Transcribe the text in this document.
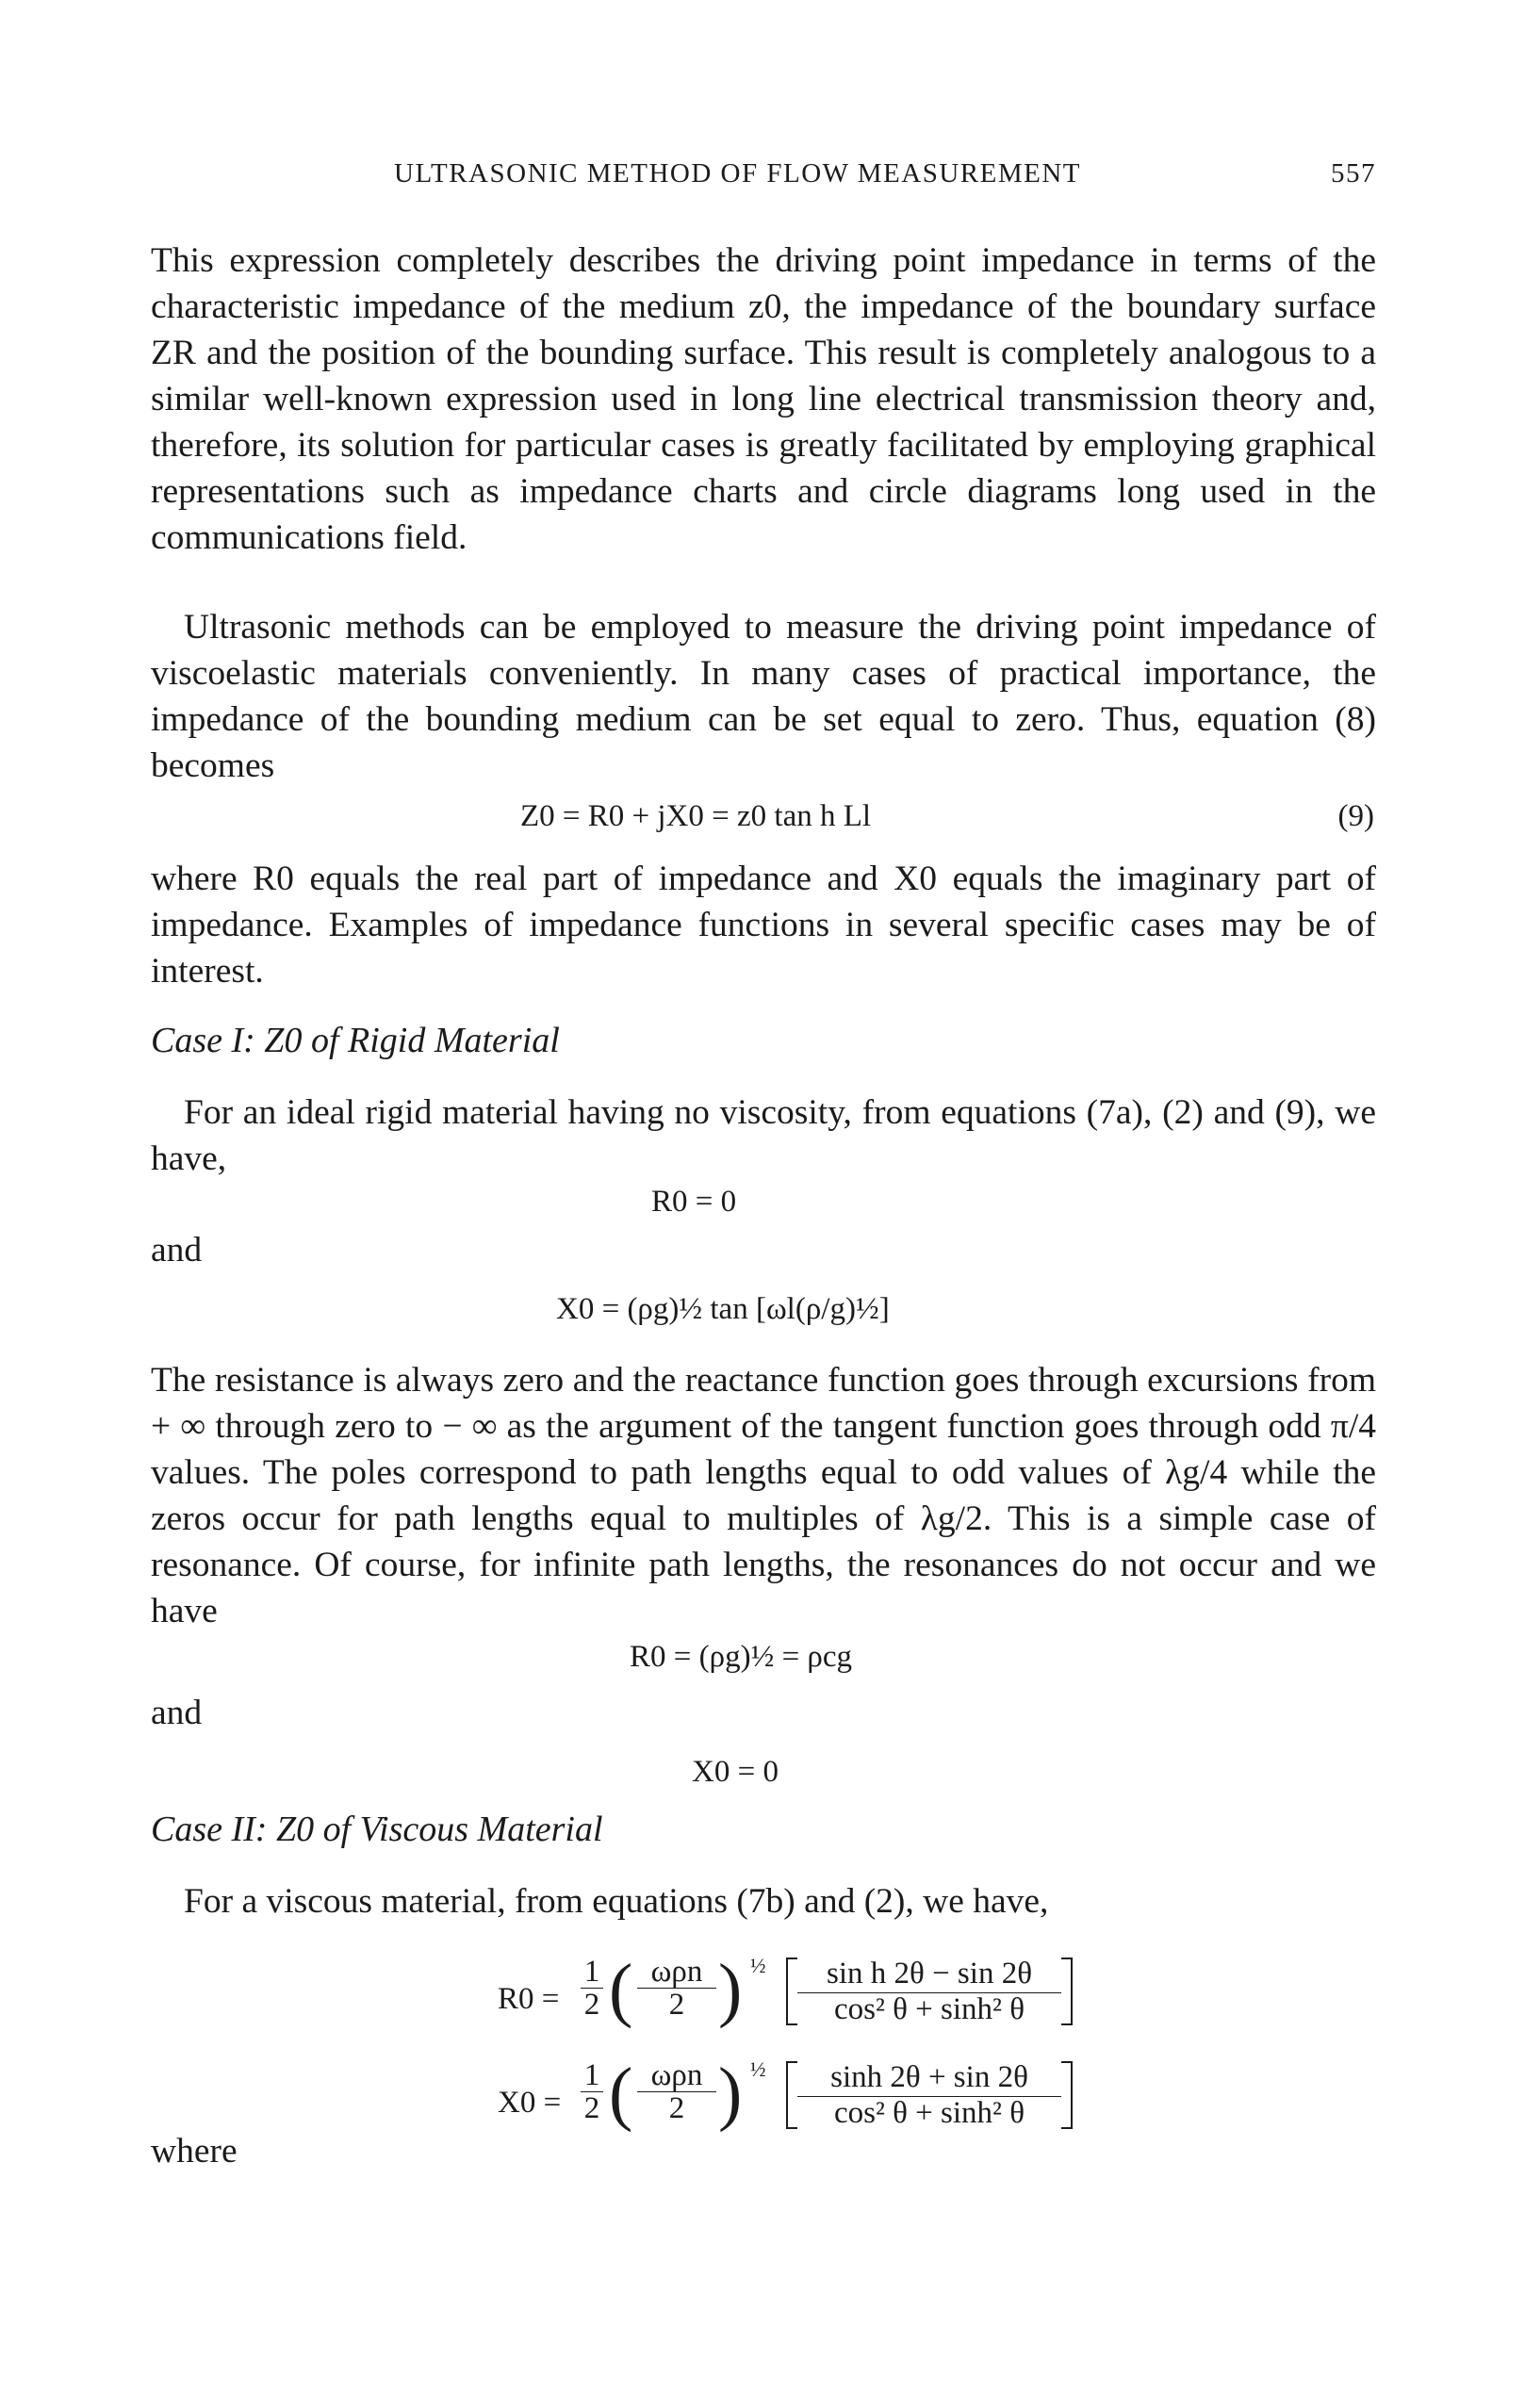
ULTRASONIC METHOD OF FLOW MEASUREMENT	557
This expression completely describes the driving point impedance in terms of the characteristic impedance of the medium z0, the impedance of the boundary surface ZR and the position of the bounding surface. This result is completely analogous to a similar well-known expression used in long line electrical transmission theory and, therefore, its solution for particular cases is greatly facilitated by employing graphical representations such as impedance charts and circle diagrams long used in the communications field.
Ultrasonic methods can be employed to measure the driving point impedance of viscoelastic materials conveniently. In many cases of practical importance, the impedance of the bounding medium can be set equal to zero. Thus, equation (8) becomes
Z0 = R0 + jX0 = z0 tan h Ll	(9)
where R0 equals the real part of impedance and X0 equals the imaginary part of impedance. Examples of impedance functions in several specific cases may be of interest.
Case I: Z0 of Rigid Material
For an ideal rigid material having no viscosity, from equations (7a), (2) and (9), we have,
R0 = 0
and
X0 = (ρg)½ tan [ωl(ρ/g)½]
The resistance is always zero and the reactance function goes through excursions from + ∞ through zero to − ∞ as the argument of the tangent function goes through odd π/4 values. The poles correspond to path lengths equal to odd values of λg/4 while the zeros occur for path lengths equal to multiples of λg/2. This is a simple case of resonance. Of course, for infinite path lengths, the resonances do not occur and we have
R0 = (ρg)½ = ρcg
and
X0 = 0
Case II: Z0 of Viscous Material
For a viscous material, from equations (7b) and (2), we have,
$R0 = \frac{1}{2}$ ( ωρn
2 ) ½	sin h 2θ − sin 2θ
cos² θ + sinh² θ
$X0 = \frac{1}{2}$ ( ωρn
2 ) ½	sinh 2θ + sin 2θ
cos² θ + sinh² θ
where
